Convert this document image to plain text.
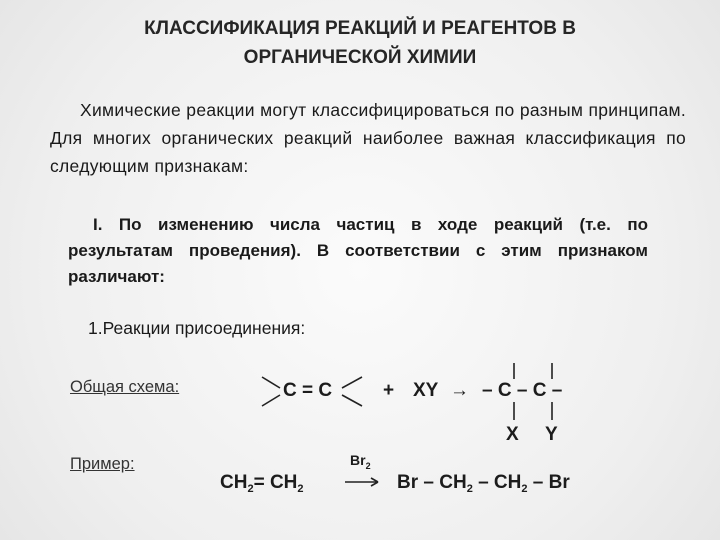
КЛАССИФИКАЦИЯ РЕАКЦИЙ И РЕАГЕНТОВ В
ОРГАНИЧЕСКОЙ ХИМИИ
Химические реакции могут классифицироваться по разным принципам. Для многих органических реакций наиболее важная классификация по следующим признакам:
I. По изменению числа частиц в ходе реакций (т.е. по результатам проведения). В соответствии с этим признаком различают:
1.Реакции присоединения:
Общая схема:	C = C	+ XY → – C – C –
X Y
Пример:
$CH_2= CH_2$
$Br_2$
Br – $CH_2 - CH_2$ – Br
